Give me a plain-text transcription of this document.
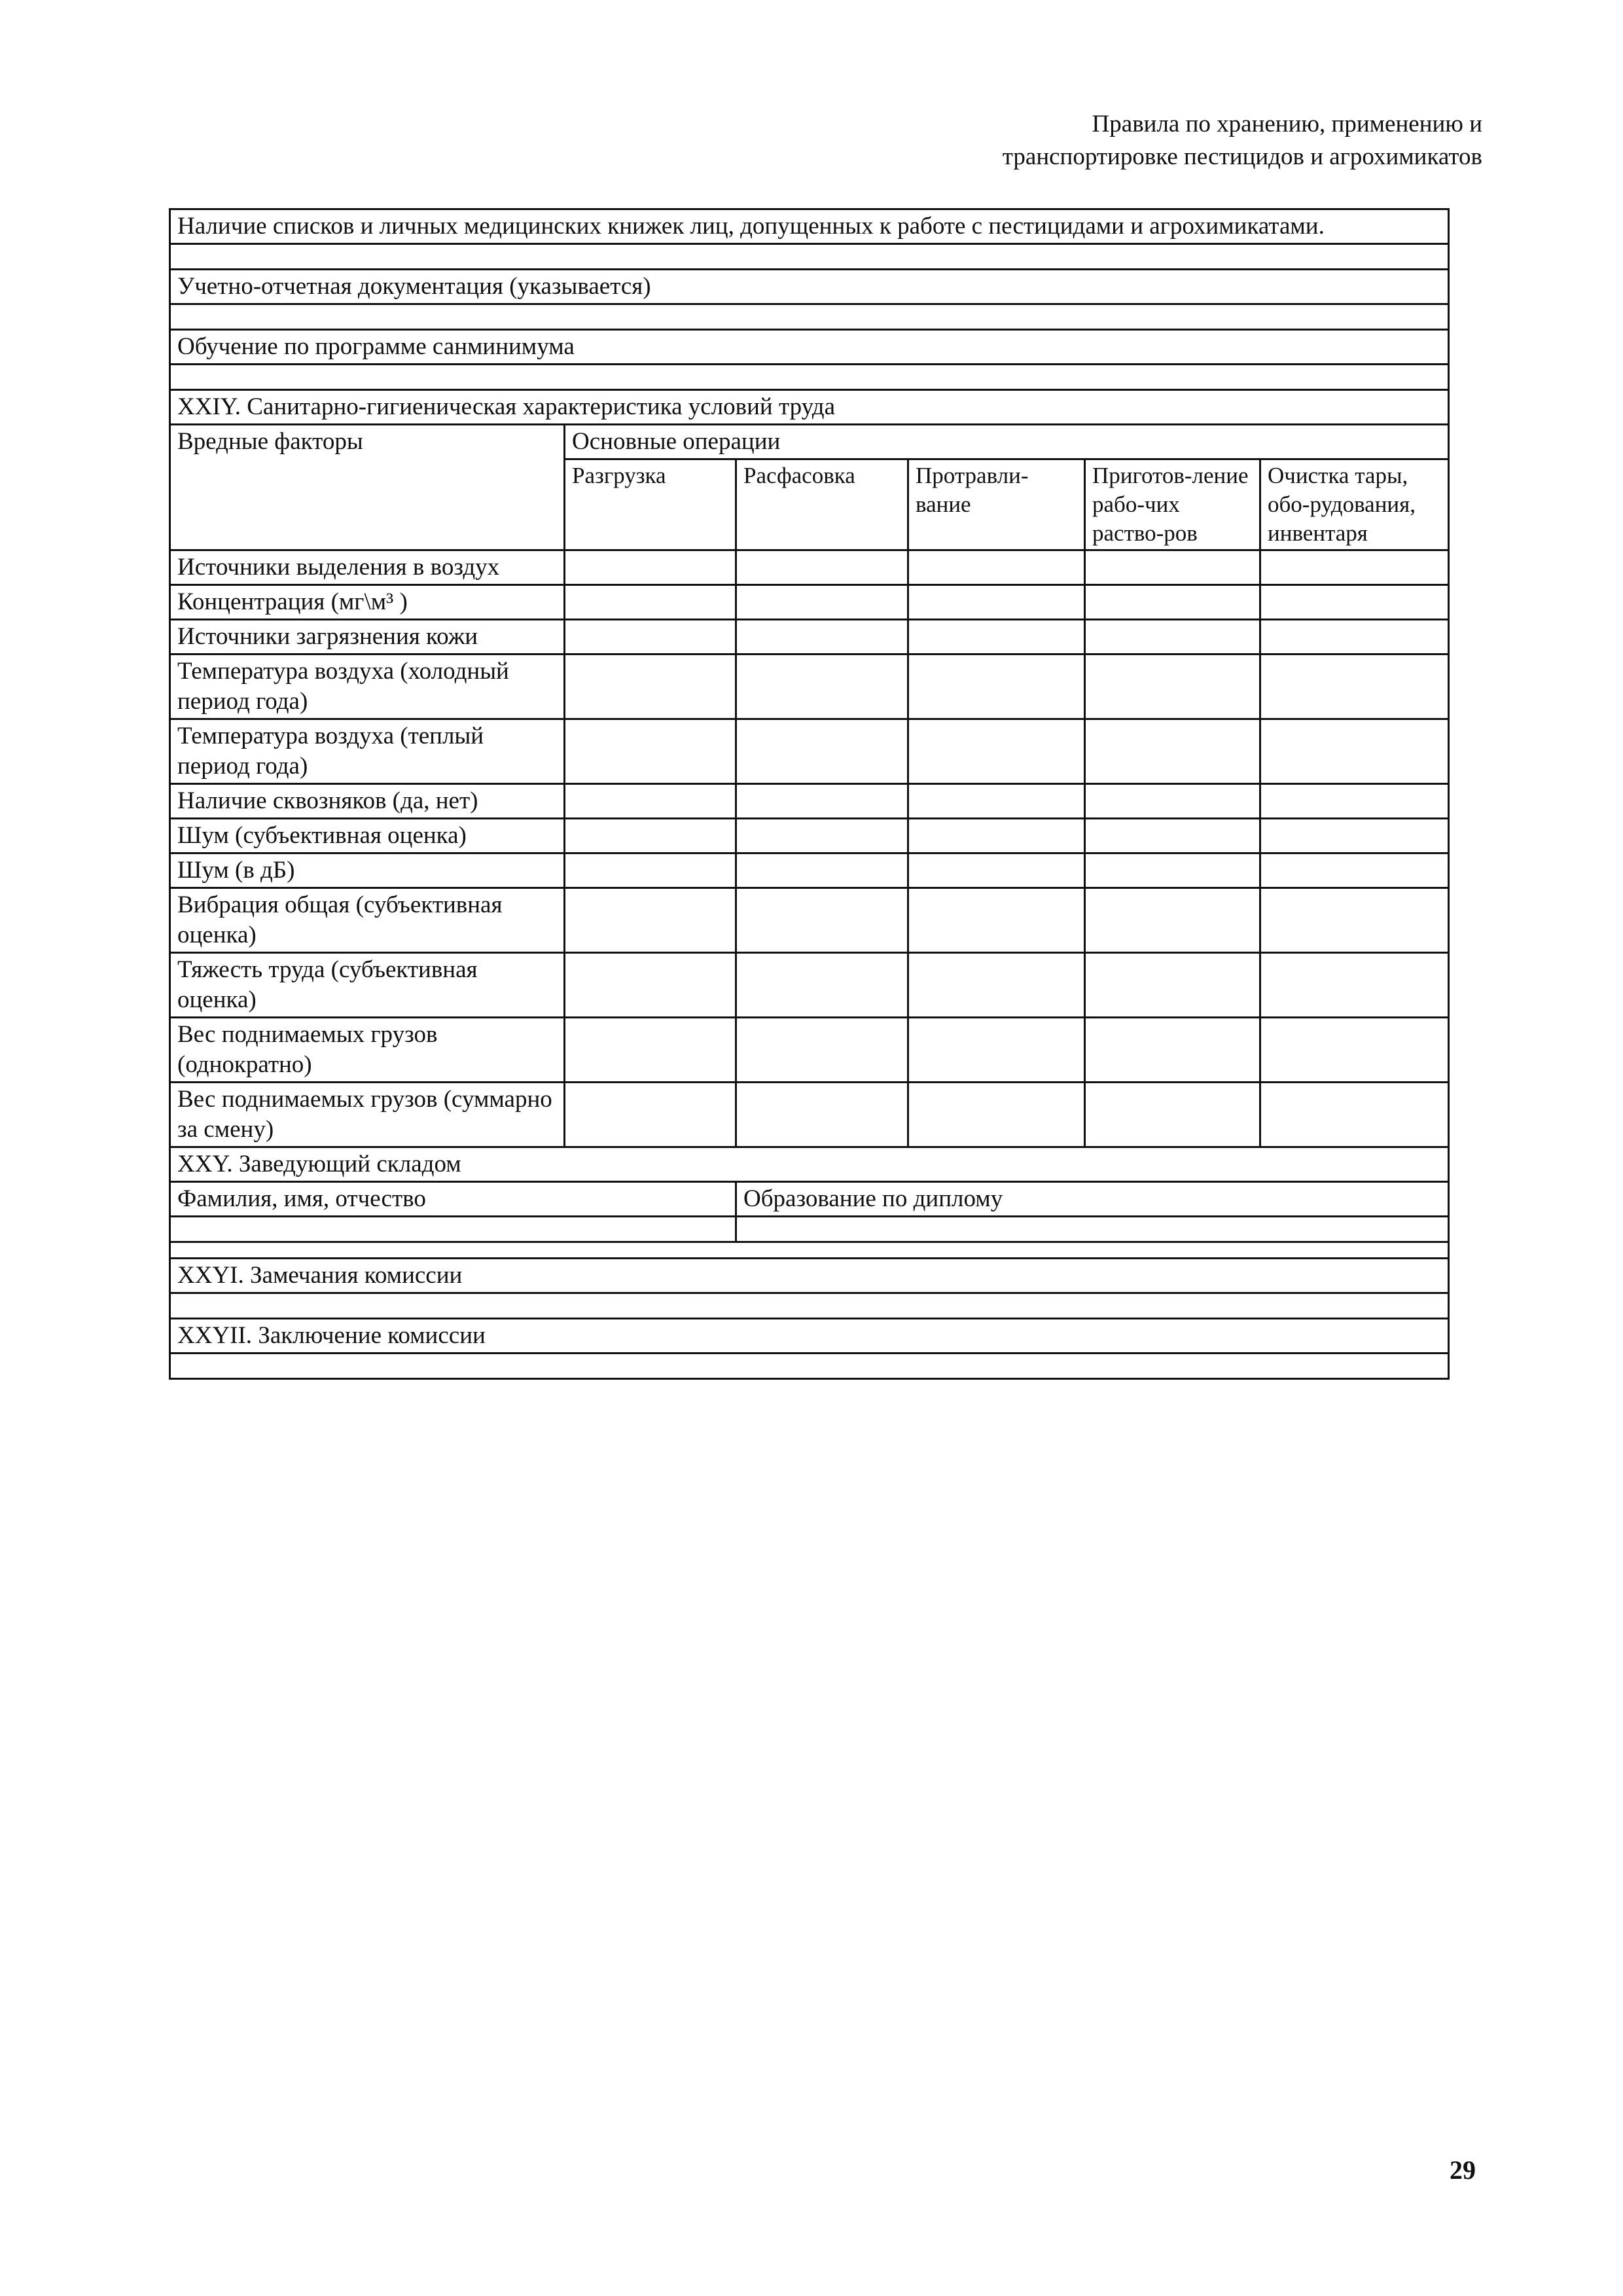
Правила по хранению, применению и
транспортировке пестицидов и агрохимикатов
Наличие списков и личных медицинских книжек лиц, допущенных к работе с пестицидами и агрохимикатами.					

Учетно-отчетная документация (указывается)					

Обучение по программе санминимума					

XXIY. Санитарно-гигиеническая характеристика условий труда					
Вредные факторы	Основные операции				
	Разгрузка	Расфасовка	Протравли-вание	Приготов-ление рабо-чих раство-ров	Очистка тары, обо-рудования, инвентаря
Источники выделения в воздух					
Концентрация (мг\м³ )					
Источники загрязнения кожи					
Температура воздуха (холодный период года)					
Температура воздуха (теплый период года)					
Наличие сквозняков (да, нет)					
Шум (субъективная оценка)					
Шум (в дБ)					
Вибрация общая (субъективная оценка)					
Тяжесть труда (субъективная оценка)					
Вес поднимаемых грузов (однократно)					
Вес поднимаемых грузов (суммарно за смену)					
XXY. Заведующий складом					
Фамилия, имя, отчество		Образование по диплому			

XXYI. Замечания комиссии					

XXYII. Заключение комиссии					

29
